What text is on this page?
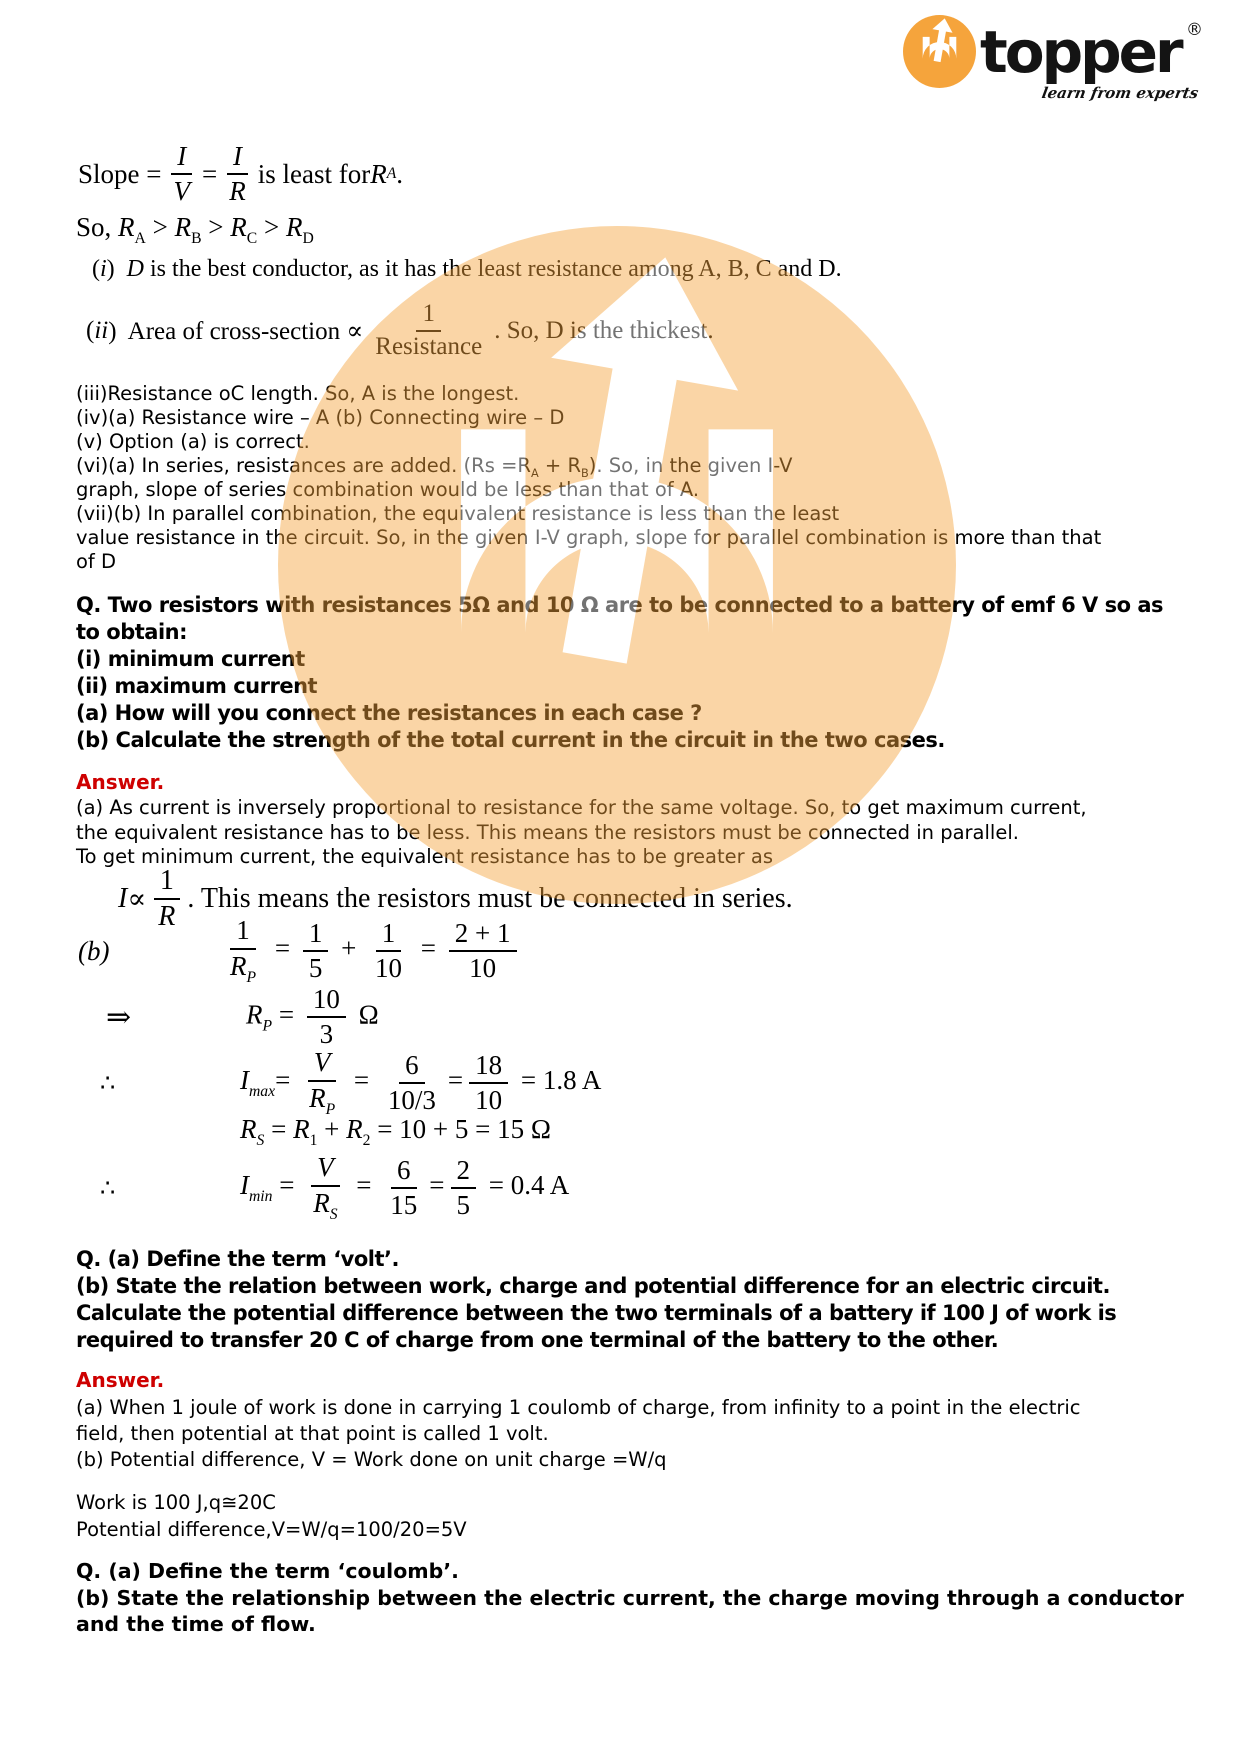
topper ®
learn from experts
Slope = $\frac{I}{V} = \frac{I}{R}$ is least for R A .
So, $R_A > R_B > R_C > R_D$
(i)  D is the best conductor, as it has the least resistance among A, B, C and D.
( ii )  Area of cross-section ∝ $\frac{1}{\text{Resistance}}$ . So, D is the thickest.
(iii)Resistance oC length. So, A is the longest.
(iv)(a) Resistance wire – A (b) Connecting wire – D
(v) Option (a) is correct.
(vi)(a) In series, resistances are added. $(Rs =R_A + R_B)$. So, in the given I-V
graph, slope of series combination would be less than that of A.
(vii)(b) In parallel combination, the equivalent resistance is less than the least
value resistance in the circuit. So, in the given I-V graph, slope for parallel combination is more than that
of D
Q. Two resistors with resistances 5Ω and 10 Ω are to be connected to a battery of emf 6 V so as
to obtain:
(i) minimum current
(ii) maximum current
(a) How will you connect the resistances in each case ?
(b) Calculate the strength of the total current in the circuit in the two cases.
Answer.
(a) As current is inversely proportional to resistance for the same voltage. So, to get maximum current,
the equivalent resistance has to be less. This means the resistors must be connected in parallel.
To get minimum current, the equivalent resistance has to be greater as
$I \propto \frac{1}{R}$ . This means the resistors must be connected in series.
(b)	$\frac{1}{R_P} = \frac{1}{5} + \frac{1}{10} = \frac{2 + 1}{10}$
⇒	$R_P = \frac{10}{3}$ Ω
∴	$I_{max}= \frac{V}{R_P} = \frac{6}{10/3} = \frac{18}{10} = 1.8$ A
$R_S = R_1 + R_2 = 10 + 5 = 15$ Ω
∴	$I_{min} = \frac{V}{R_S} = \frac{6}{15} = \frac{2}{5} = 0.4$ A
Q. (a) Define the term ‘volt’.
(b) State the relation between work, charge and potential difference for an electric circuit.
Calculate the potential difference between the two terminals of a battery if 100 J of work is
required to transfer 20 C of charge from one terminal of the battery to the other.
Answer.
(a) When 1 joule of work is done in carrying 1 coulomb of charge, from infinity to a point in the electric
field, then potential at that point is called 1 volt.
(b) Potential difference, V = Work done on unit charge =W/q
Work is 100 J,q≅20C
Potential difference,V=W/q=100/20=5V
Q. (a) Define the term ‘coulomb’.
(b) State the relationship between the electric current, the charge moving through a conductor
and the time of flow.
